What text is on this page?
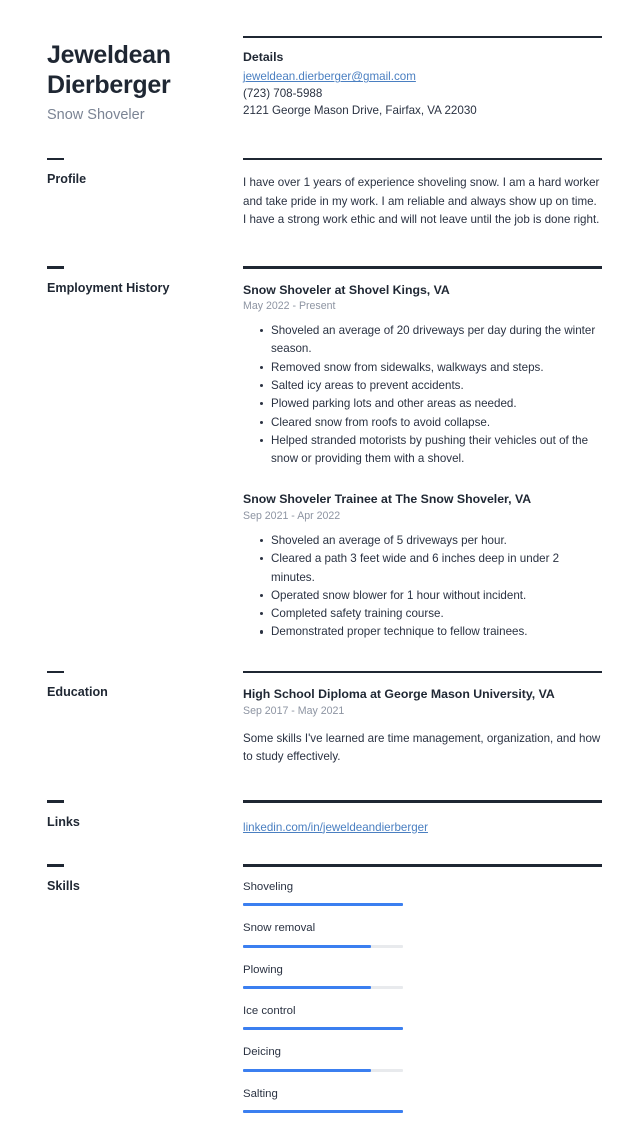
Jeweldean Dierberger
Snow Shoveler
Details
jeweldean.dierberger@gmail.com
(723) 708-5988
2121 George Mason Drive, Fairfax, VA 22030
Profile	I have over 1 years of experience shoveling snow. I am a hard worker and take pride in my work. I am reliable and always show up on time. I have a strong work ethic and will not leave until the job is done right.
Employment History	Snow Shoveler at Shovel Kings, VA
May 2022 - Present
Shoveled an average of 20 driveways per day during the winter season.
Removed snow from sidewalks, walkways and steps.
Salted icy areas to prevent accidents.
Plowed parking lots and other areas as needed.
Cleared snow from roofs to avoid collapse.
Helped stranded motorists by pushing their vehicles out of the snow or providing them with a shovel.
Snow Shoveler Trainee at The Snow Shoveler, VA
Sep 2021 - Apr 2022
Shoveled an average of 5 driveways per hour.
Cleared a path 3 feet wide and 6 inches deep in under 2 minutes.
Operated snow blower for 1 hour without incident.
Completed safety training course.
Demonstrated proper technique to fellow trainees.
Education	High School Diploma at George Mason University, VA
Sep 2017 - May 2021
Some skills I've learned are time management, organization, and how to study effectively.
Links	linkedin.com/in/jeweldeandierberger
Skills	Shoveling
Snow removal
Plowing
Ice control
Deicing
Salting
